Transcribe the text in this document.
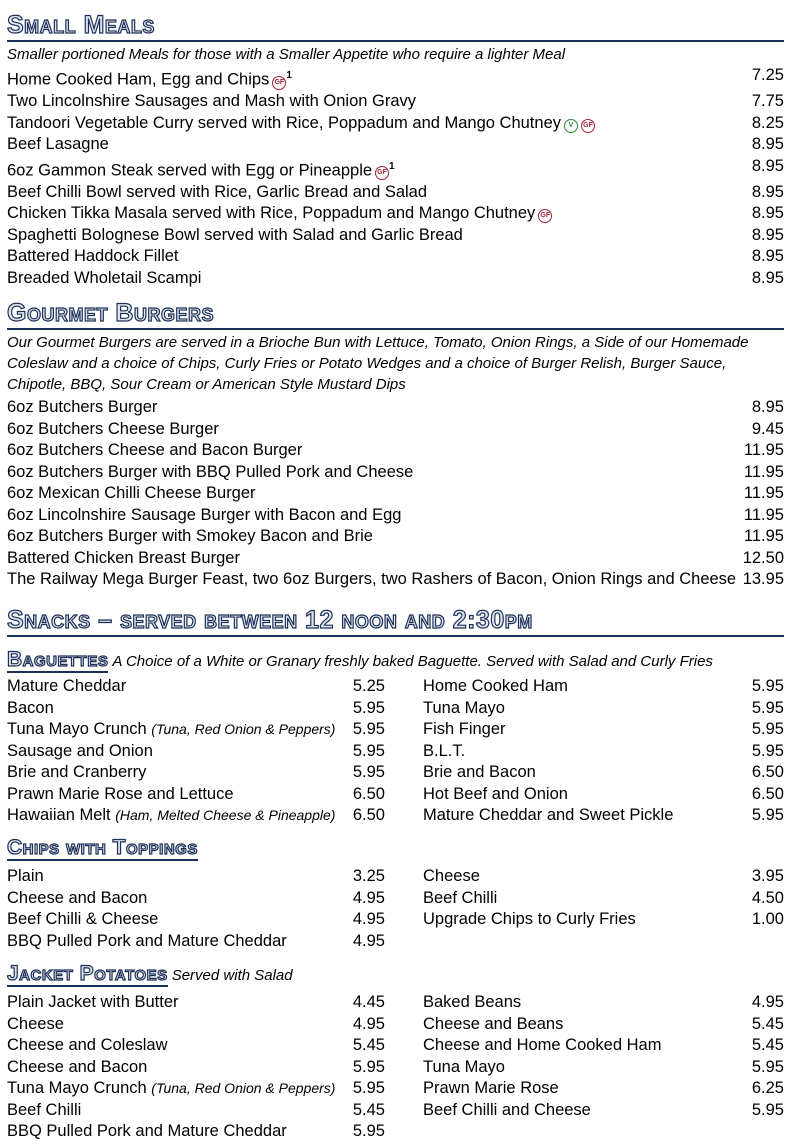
Small Meals
Smaller portioned Meals for those with a Smaller Appetite who require a lighter Meal
Home Cooked Ham, Egg and Chips $GF^1$	7.25
Two Lincolnshire Sausages and Mash with Onion Gravy	7.75
Tandoori Vegetable Curry served with Rice, Poppadum and Mango Chutney V GF	8.25
Beef Lasagne	8.95
6oz Gammon Steak served with Egg or Pineapple $GF^1$	8.95
Beef Chilli Bowl served with Rice, Garlic Bread and Salad	8.95
Chicken Tikka Masala served with Rice, Poppadum and Mango Chutney GF	8.95
Spaghetti Bolognese Bowl served with Salad and Garlic Bread	8.95
Battered Haddock Fillet	8.95
Breaded Wholetail Scampi	8.95
Gourmet Burgers
Our Gourmet Burgers are served in a Brioche Bun with Lettuce, Tomato, Onion Rings, a Side of our Homemade Coleslaw and a choice of Chips, Curly Fries or Potato Wedges and a choice of Burger Relish, Burger Sauce, Chipotle, BBQ, Sour Cream or American Style Mustard Dips
6oz Butchers Burger	8.95
6oz Butchers Cheese Burger	9.45
6oz Butchers Cheese and Bacon Burger	11.95
6oz Butchers Burger with BBQ Pulled Pork and Cheese	11.95
6oz Mexican Chilli Cheese Burger	11.95
6oz Lincolnshire Sausage Burger with Bacon and Egg	11.95
6oz Butchers Burger with Smokey Bacon and Brie	11.95
Battered Chicken Breast Burger	12.50
The Railway Mega Burger Feast, two 6oz Burgers, two Rashers of Bacon, Onion Rings and Cheese 13.95
Snacks – served between 12 noon and 2:30pm
Baguettes A Choice of a White or Granary freshly baked Baguette. Served with Salad and Curly Fries
Mature Cheddar	5.25
Bacon	5.95
Tuna Mayo Crunch (Tuna, Red Onion & Peppers) 5.95
Sausage and Onion	5.95
Brie and Cranberry	5.95
Prawn Marie Rose and Lettuce	6.50
Hawaiian Melt (Ham, Melted Cheese & Pineapple) 6.50
Home Cooked Ham	5.95
Tuna Mayo	5.95
Fish Finger	5.95
B.L.T.	5.95
Brie and Bacon	6.50
Hot Beef and Onion	6.50
Mature Cheddar and Sweet Pickle	5.95
Chips with Toppings
Plain	3.25
Cheese and Bacon	4.95
Beef Chilli & Cheese	4.95
BBQ Pulled Pork and Mature Cheddar	4.95
Cheese	3.95
Beef Chilli	4.50
Upgrade Chips to Curly Fries	1.00
Jacket Potatoes Served with Salad
Plain Jacket with Butter	4.45
Cheese	4.95
Cheese and Coleslaw	5.45
Cheese and Bacon	5.95
Tuna Mayo Crunch (Tuna, Red Onion & Peppers) 5.95
Beef Chilli	5.45
BBQ Pulled Pork and Mature Cheddar	5.95
Baked Beans	4.95
Cheese and Beans	5.45
Cheese and Home Cooked Ham	5.45
Tuna Mayo	5.95
Prawn Marie Rose	6.25
Beef Chilli and Cheese	5.95
